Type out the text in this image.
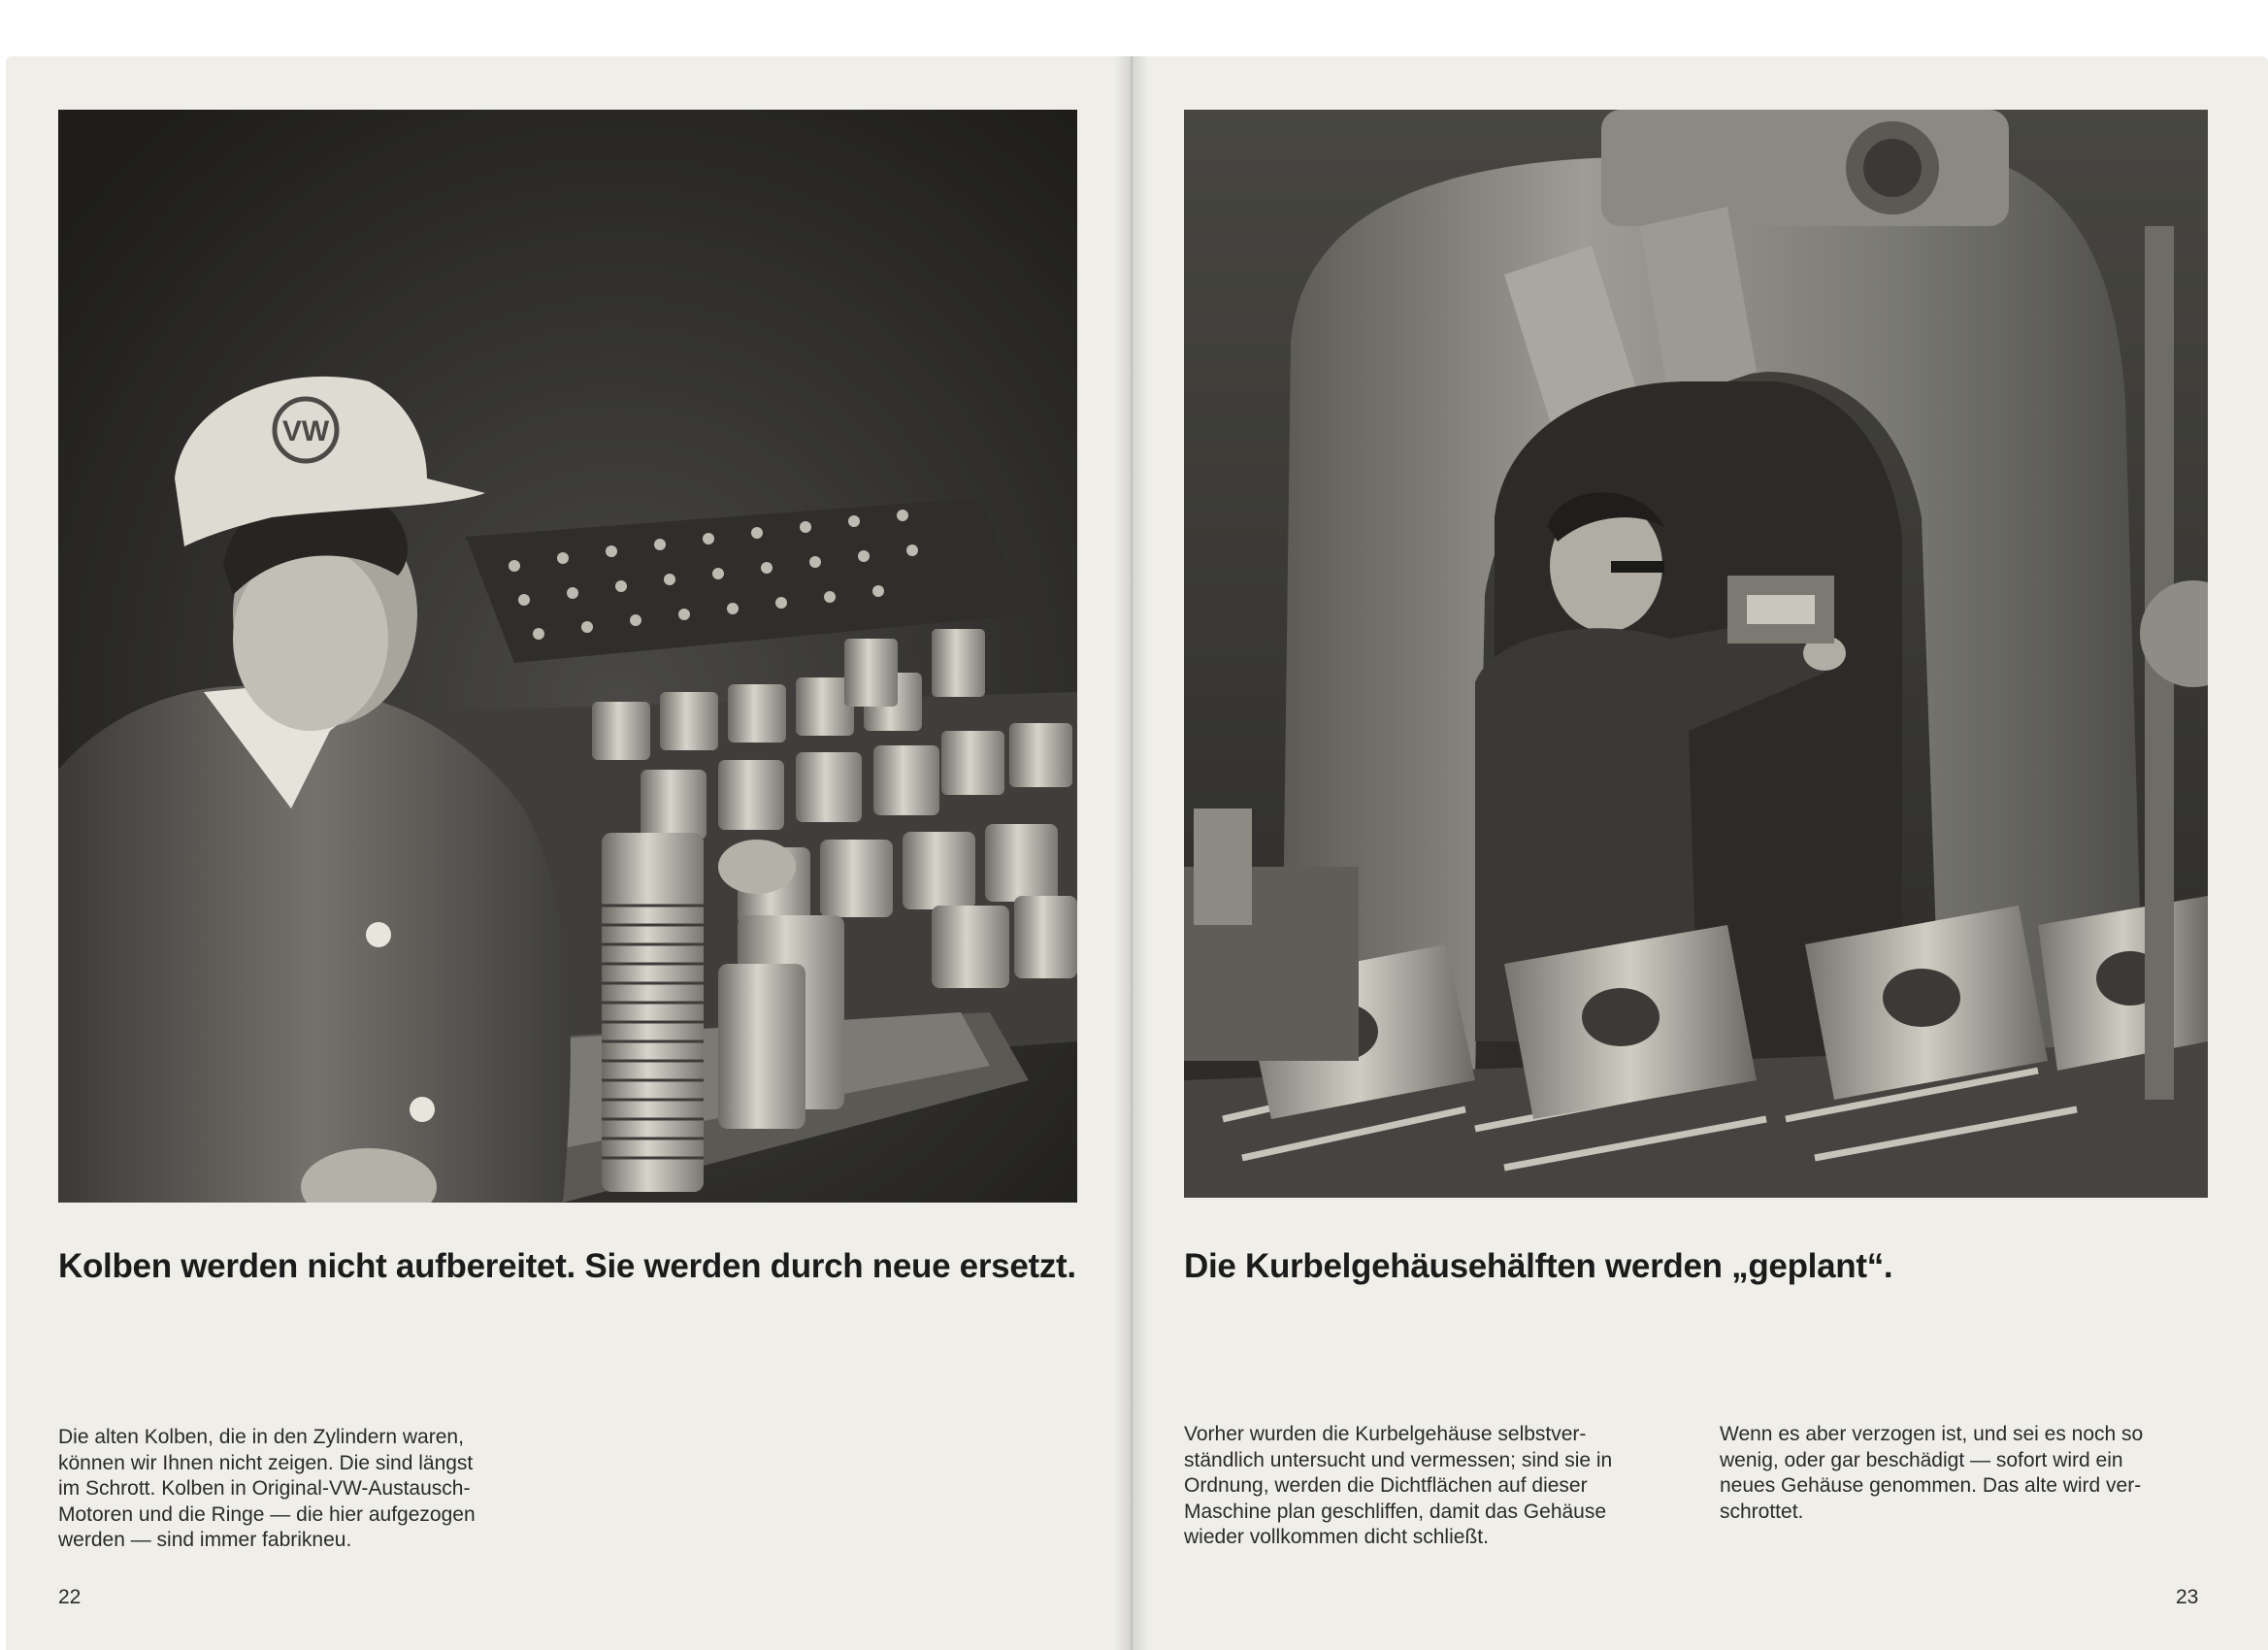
VW
Kolben werden nicht aufbereitet. Sie werden durch neue ersetzt.	Die Kurbelgehäusehälften werden „geplant“.

Die alten Kolben, die in den Zylindern waren,
können wir Ihnen nicht zeigen. Die sind längst
im Schrott. Kolben in Original-VW-Austausch-
Motoren und die Ringe — die hier aufgezogen
werden — sind immer fabrikneu.

Vorher wurden die Kurbelgehäuse selbstver-
ständlich untersucht und vermessen; sind sie in
Ordnung, werden die Dichtflächen auf dieser
Maschine plan geschliffen, damit das Gehäuse
wieder vollkommen dicht schließt.

Wenn es aber verzogen ist, und sei es noch so
wenig, oder gar beschädigt — sofort wird ein
neues Gehäuse genommen. Das alte wird ver-
schrottet.

22	23
